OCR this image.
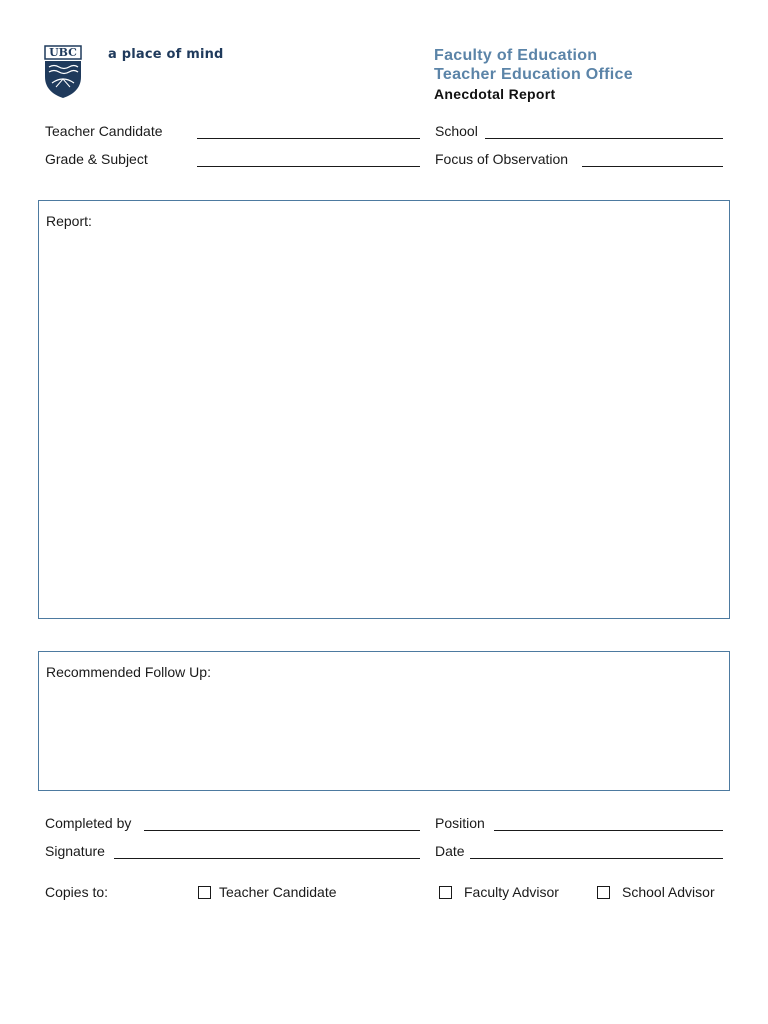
UBC a place of mind	Faculty of Education
Teacher Education Office
Anecdotal Report
Teacher Candidate	School
Grade & Subject	Focus of Observation
Report:
Recommended Follow Up:
Completed by	Position
Signature	Date
Copies to:	Teacher Candidate	Faculty Advisor	School Advisor
